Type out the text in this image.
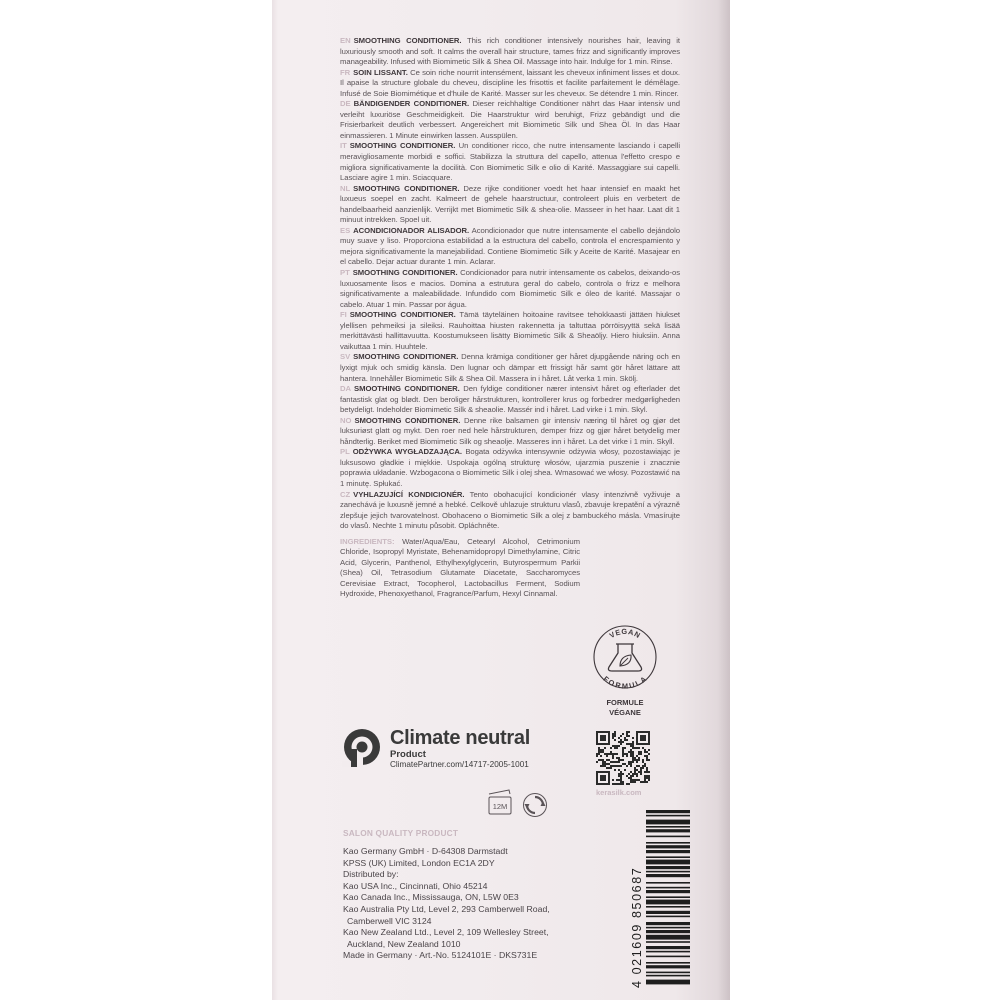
EN SMOOTHING CONDITIONER. This rich conditioner intensively nourishes hair, leaving it luxuriously smooth and soft. It calms the overall hair structure, tames frizz and significantly improves manageability. Infused with Biomimetic Silk & Shea Oil. Massage into hair. Indulge for 1 min. Rinse.

FR SOIN LISSANT. Ce soin riche nourrit intensément, laissant les cheveux infiniment lisses et doux. Il apaise la structure globale du cheveu, discipline les frisottis et facilite parfaitement le démêlage. Infusé de Soie Biomimétique et d'huile de Karité. Masser sur les cheveux. Se détendre 1 min. Rincer.

DE BÄNDIGENDER CONDITIONER. Dieser reichhaltige Conditioner nährt das Haar intensiv und verleiht luxuriöse Geschmeidigkeit. Die Haarstruktur wird beruhigt, Frizz gebändigt und die Frisierbarkeit deutlich verbessert. Angereichert mit Biomimetic Silk und Shea Öl. In das Haar einmassieren. 1 Minute einwirken lassen. Ausspülen.

IT SMOOTHING CONDITIONER. Un conditioner ricco, che nutre intensamente lasciando i capelli meravigliosamente morbidi e soffici. Stabilizza la struttura del capello, attenua l'effetto crespo e migliora significativamente la docilità. Con Biomimetic Silk e olio di Karité. Massaggiare sui capelli. Lasciare agire 1 min. Sciacquare.

NL SMOOTHING CONDITIONER. Deze rijke conditioner voedt het haar intensief en maakt het luxueus soepel en zacht. Kalmeert de gehele haarstructuur, controleert pluis en verbetert de handelbaarheid aanzienlijk. Verrijkt met Biomimetic Silk & shea-olie. Masseer in het haar. Laat dit 1 minuut intrekken. Spoel uit.

ES ACONDICIONADOR ALISADOR. Acondicionador que nutre intensamente el cabello dejándolo muy suave y liso. Proporciona estabilidad a la estructura del cabello, controla el encrespamiento y mejora significativamente la manejabilidad. Contiene Biomimetic Silk y Aceite de Karité. Masajear en el cabello. Dejar actuar durante 1 min. Aclarar.

PT SMOOTHING CONDITIONER. Condicionador para nutrir intensamente os cabelos, deixando-os luxuosamente lisos e macios. Domina a estrutura geral do cabelo, controla o frizz e melhora significativamente a maleabilidade. Infundido com Biomimetic Silk e óleo de karité. Massajar o cabelo. Atuar 1 min. Passar por água.

FI SMOOTHING CONDITIONER. Tämä täyteläinen hoitoaine ravitsee tehokkaasti jättäen hiukset ylellisen pehmeiksi ja sileiksi. Rauhoittaa hiusten rakennetta ja taltuttaa pörröisyyttä sekä lisää merkittävästi hallittavuutta. Koostumukseen lisätty Biomimetic Silk & Sheaöljy. Hiero hiuksiin. Anna vaikuttaa 1 min. Huuhtele.

SV SMOOTHING CONDITIONER. Denna krämiga conditioner ger håret djupgående näring och en lyxigt mjuk och smidig känsla. Den lugnar och dämpar ett frissigt hår samt gör håret lättare att hantera. Innehåller Biomimetic Silk & Shea Oil. Massera in i håret. Låt verka 1 min. Skölj.

DA SMOOTHING CONDITIONER. Den fyldige conditioner nærer intensivt håret og efterlader det fantastisk glat og blødt. Den beroliger hårstrukturen, kontrollerer krus og forbedrer medgørligheden betydeligt. Indeholder Biomimetic Silk & sheaolie. Massér ind i håret. Lad virke i 1 min. Skyl.

NO SMOOTHING CONDITIONER. Denne rike balsamen gir intensiv næring til håret og gjør det luksuriøst glatt og mykt. Den roer ned hele hårstrukturen, demper frizz og gjør håret betydelig mer håndterlig. Beriket med Biomimetic Silk og sheaolje. Masseres inn i håret. La det virke i 1 min. Skyll.

PL ODŻYWKA WYGŁADZAJĄCA. Bogata odżywka intensywnie odżywia włosy, pozostawiając je luksusowo gładkie i miękkie. Uspokaja ogólną strukturę włosów, ujarzmia puszenie i znacznie poprawia układanie. Wzbogacona o Biomimetic Silk i olej shea. Wmasować we włosy. Pozostawić na 1 minutę. Spłukać.

CZ VYHLAZUJÍCÍ KONDICIONÉR. Tento obohacující kondicionér vlasy intenzivně vyživuje a zanechává je luxusně jemné a hebké. Celkově uhlazuje strukturu vlasů, zbavuje krepatění a výrazně zlepšuje jejich tvarovatelnost. Obohaceno o Biomimetic Silk a olej z bambuckého másla. Vmasírujte do vlasů. Nechte 1 minutu působit. Opláchněte.

INGREDIENTS: Water/Aqua/Eau, Cetearyl Alcohol, Cetrimonium Chloride, Isopropyl Myristate, Behenamidopropyl Dimethylamine, Citric Acid, Glycerin, Panthenol, Ethylhexylglycerin, Butyrospermum Parkii (Shea) Oil, Tetrasodium Glutamate Diacetate, Saccharomyces Cerevisiae Extract, Tocopherol, Lactobacillus Ferment, Sodium Hydroxide, Phenoxyethanol, Fragrance/Parfum, Hexyl Cinnamal.

VEGAN
FORMULA
FORMULE
VÉGANE
Climate neutral
Product
ClimatePartner.com/14717-2005-1001
kerasilk.com
12M
SALON QUALITY PRODUCT

Kao Germany GmbH · D-64308 Darmstadt

KPSS (UK) Limited, London EC1A 2DY

Distributed by:

Kao USA Inc., Cincinnati, Ohio 45214

Kao Canada Inc., Mississauga, ON, L5W 0E3

Kao Australia Pty Ltd, Level 2, 293 Camberwell Road,

Camberwell VIC 3124

Kao New Zealand Ltd., Level 2, 109 Wellesley Street,

Auckland, New Zealand 1010

Made in Germany · Art.-No. 5124101E · DKS731E	4 021609 850687
